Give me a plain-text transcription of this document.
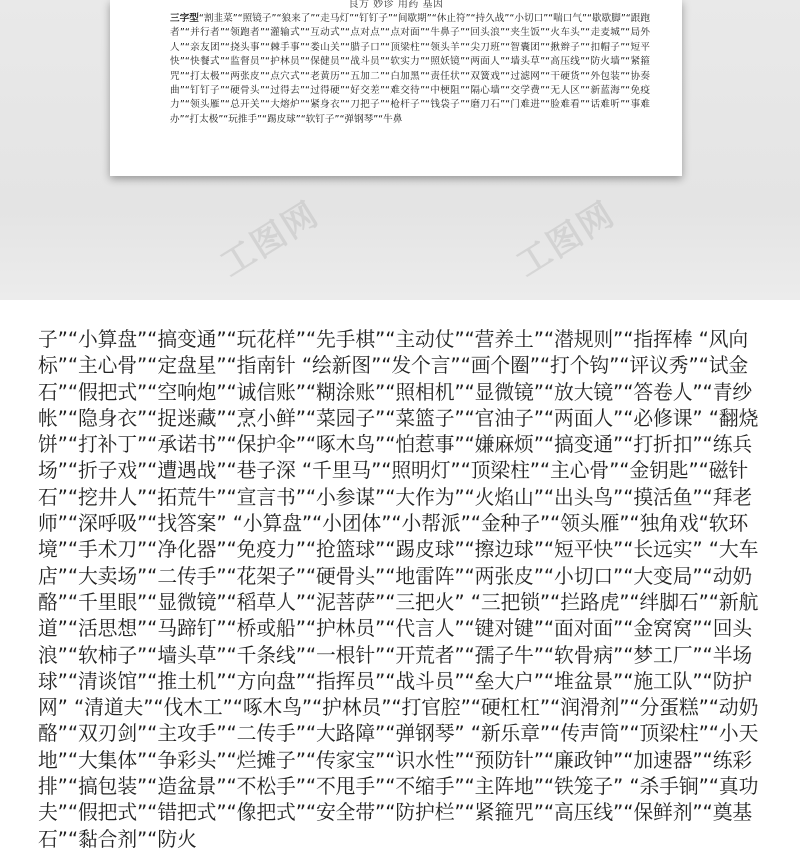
工图网	工图网
良方 妙诊 用药 基因
三字型“割韭菜”“照镜子”“狼来了”“走马灯”“钉钉子”“间歇期”“休止符”“持久战”“小切口”“喘口气”“歇歇脚”“跟跑者”“并行者”“领跑者”“灌输式”“互动式”“点对点”“点对面”“牛鼻子”“回头浪”“夹生饭”“火车头”“走麦城”“局外人”“亲友团”“挠头事”“棘手事”“娄山关”“腊子口”“顶梁柱”“领头羊”“尖刀班”“智囊团”“揪辫子”“扣帽子”“短平快”“快餐式”“监督员”“护林员”“保健员”“战斗员”“软实力”“照妖镜”“两面人”“墙头草”“高压线”“防火墙”“紧箍咒”“打太极”“两张皮”“点穴式”“老黄历”“五加二”“白加黑”“责任状”“双簧戏”“过滤网”“干硬货”“外包装”“协奏曲”“钉钉子”“硬骨头”“过得去”“过得硬”“好交差”“难交待”“中梗阻”“隔心墙”“交学费”“无人区”“新蓝海”“免疫力”“领头雁”“总开关”“大熔炉”“紧身衣”“刀把子”“枪杆子”“钱袋子”“磨刀石”“门难进”“脸难看”“话难听”“事难办”“打太极”“玩推手”“踢皮球”“软钉子”“弹钢琴”“牛鼻
子”“小算盘”“搞变通”“玩花样”“先手棋”“主动仗”“营养土”“潜规则”“指挥棒 “风向标”“主心骨”“定盘星”“指南针 “绘新图”“发个言”“画个圈”“打个钩”“评议秀”“试金石”“假把式”“空响炮”“诚信账”“糊涂账”“照相机”“显微镜”“放大镜”“答卷人”“青纱帐”“隐身衣”“捉迷藏”“烹小鲜”“菜园子”“菜篮子”“官油子”“两面人”“必修课” “翻烧饼”“打补丁”“承诺书”“保护伞”“啄木鸟”“怕惹事”“嫌麻烦”“搞变通”“打折扣”“练兵场”“折子戏”“遭遇战”“巷子深 “千里马”“照明灯”“顶梁柱”“主心骨”“金钥匙”“磁针石”“挖井人”“拓荒牛”“宣言书”“小参谋”“大作为”“火焰山”“出头鸟”“摸活鱼”“拜老师”“深呼吸”“找答案” “小算盘”“小团体”“小帮派”“金种子”“领头雁”“独角戏“软环境”“手术刀”“净化器”“免疫力”“抢篮球”“踢皮球”“擦边球”“短平快”“长远实” “大车店”“大卖场”“二传手”“花架子”“硬骨头”“地雷阵”“两张皮”“小切口”“大变局”“动奶酪”“千里眼”“显微镜”“稻草人”“泥菩萨”“三把火” “三把锁”“拦路虎”“绊脚石”“新航道”“活思想”“马蹄钉”“桥或船”“护林员”“代言人”“键对键”“面对面”“金窝窝”“回头浪”“软柿子”“墙头草”“千条线”“一根针”“开荒者”“孺子牛”“软骨病”“梦工厂”“半场球”“清谈馆”“推土机”“方向盘”“指挥员”“战斗员”“垒大户”“堆盆景”“施工队”“防护网” “清道夫”“伐木工”“啄木鸟”“护林员”“打官腔”“硬杠杠”“润滑剂”“分蛋糕”“动奶酪”“双刃剑”“主攻手”“二传手”“大路障”“弹钢琴” “新乐章”“传声筒”“顶梁柱”“小天地”“大集体”“争彩头”“烂摊子”“传家宝”“识水性”“预防针”“廉政钟”“加速器”“练彩排”“搞包装”“造盆景”“不松手”“不甩手”“不缩手”“主阵地”“铁笼子” “杀手锏”“真功夫”“假把式”“错把式”“像把式”“安全带”“防护栏”“紧箍咒”“高压线”“保鲜剂”“奠基石”“黏合剂”“防火
